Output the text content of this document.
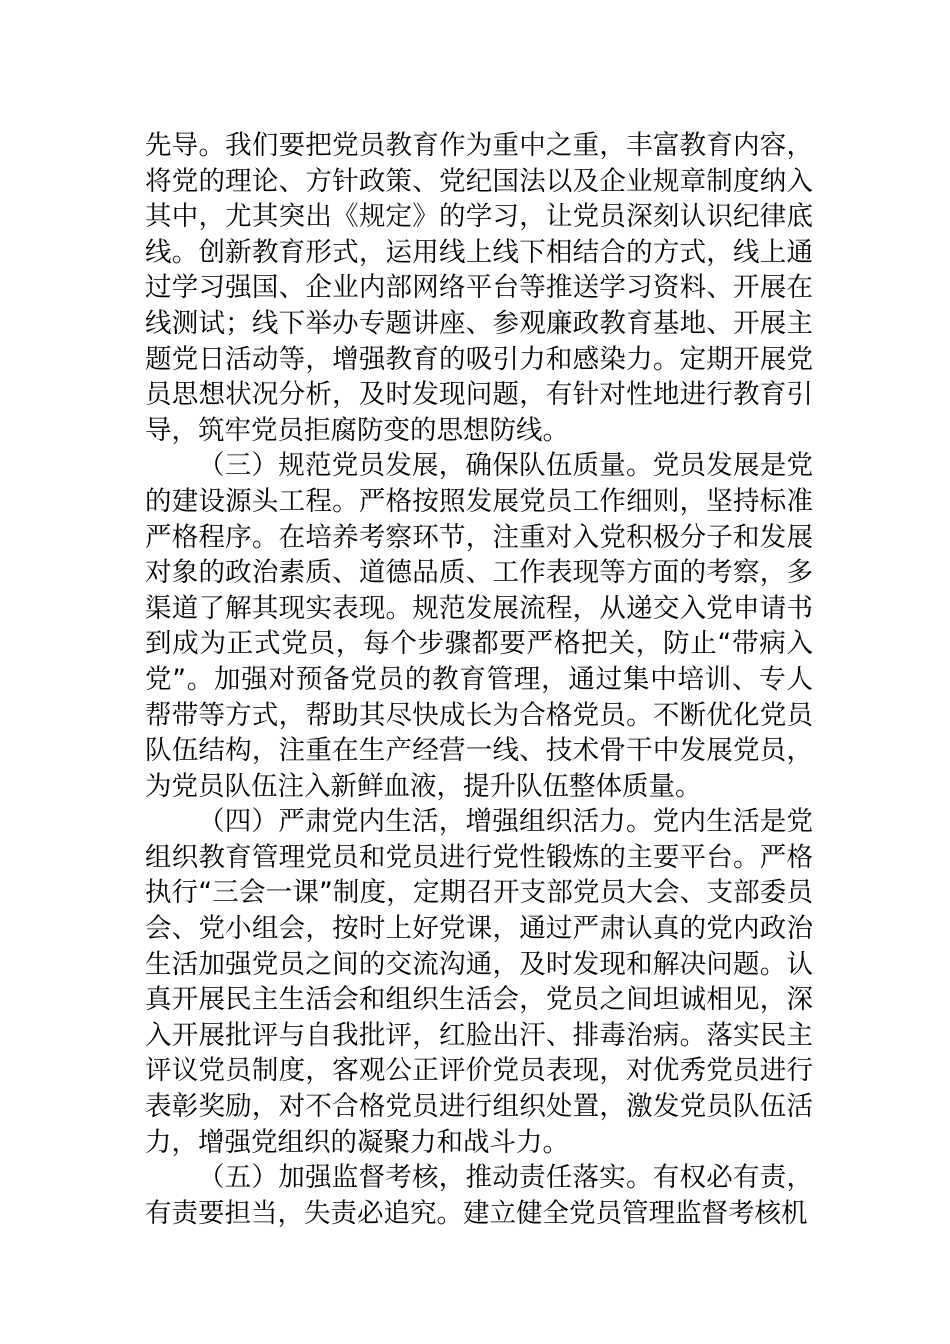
先导。我们要把党员教育作为重中之重，丰富教育内容，将党的理论、方针政策、党纪国法以及企业规章制度纳入其中，尤其突出《规定》的学习，让党员深刻认识纪律底线。创新教育形式，运用线上线下相结合的方式，线上通过学习强国、企业内部网络平台等推送学习资料、开展在线测试；线下举办专题讲座、参观廉政教育基地、开展主题党日活动等，增强教育的吸引力和感染力。定期开展党员思想状况分析，及时发现问题，有针对性地进行教育引导，筑牢党员拒腐防变的思想防线。

（三）规范党员发展，确保队伍质量。党员发展是党的建设源头工程。严格按照发展党员工作细则，坚持标准严格程序。在培养考察环节，注重对入党积极分子和发展对象的政治素质、道德品质、工作表现等方面的考察，多渠道了解其现实表现。规范发展流程，从递交入党申请书到成为正式党员，每个步骤都要严格把关，防止“带病入党”。加强对预备党员的教育管理，通过集中培训、专人帮带等方式，帮助其尽快成长为合格党员。不断优化党员队伍结构，注重在生产经营一线、技术骨干中发展党员，为党员队伍注入新鲜血液，提升队伍整体质量。

（四）严肃党内生活，增强组织活力。党内生活是党组织教育管理党员和党员进行党性锻炼的主要平台。严格执行“三会一课”制度，定期召开支部党员大会、支部委员会、党小组会，按时上好党课，通过严肃认真的党内政治生活加强党员之间的交流沟通，及时发现和解决问题。认真开展民主生活会和组织生活会，党员之间坦诚相见，深入开展批评与自我批评，红脸出汗、排毒治病。落实民主评议党员制度，客观公正评价党员表现，对优秀党员进行表彰奖励，对不合格党员进行组织处置，激发党员队伍活力，增强党组织的凝聚力和战斗力。

（五）加强监督考核，推动责任落实。有权必有责，有责要担当，失责必追究。建立健全党员管理监督考核机
